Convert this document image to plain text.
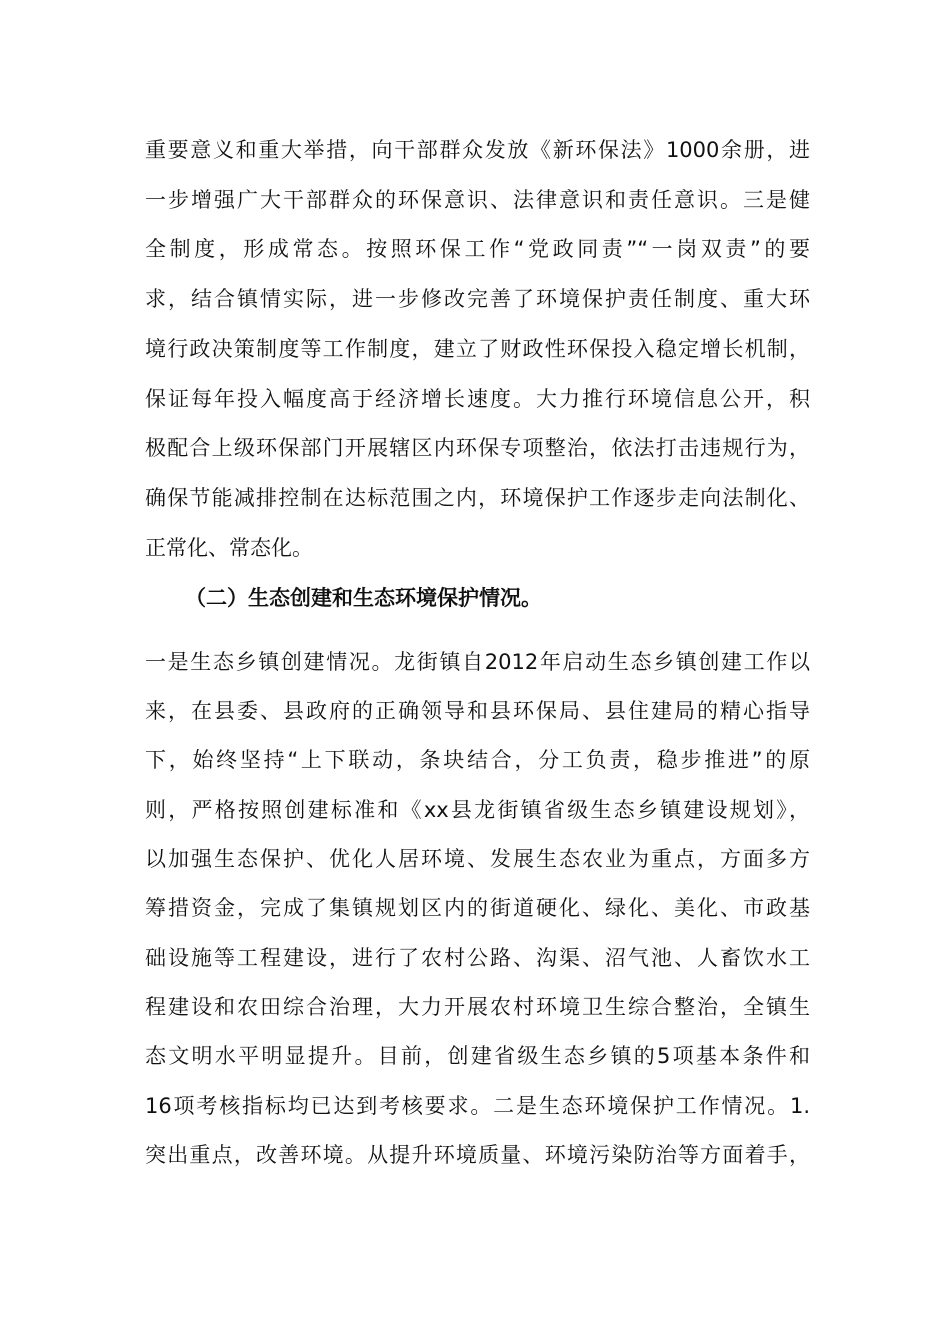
重要意义和重大举措，向干部群众发放《新环保法》1000余册，进
一步增强广大干部群众的环保意识、法律意识和责任意识。三是健
全制度，形成常态。按照环保工作“党政同责”“一岗双责”的要
求，结合镇情实际，进一步修改完善了环境保护责任制度、重大环
境行政决策制度等工作制度，建立了财政性环保投入稳定增长机制，
保证每年投入幅度高于经济增长速度。大力推行环境信息公开，积
极配合上级环保部门开展辖区内环保专项整治，依法打击违规行为，
确保节能减排控制在达标范围之内，环境保护工作逐步走向法制化、
正常化、常态化。
（二）生态创建和生态环境保护情况。
一是生态乡镇创建情况。龙街镇自2012年启动生态乡镇创建工作以
来，在县委、县政府的正确领导和县环保局、县住建局的精心指导
下，始终坚持“上下联动，条块结合，分工负责，稳步推进”的原
则，严格按照创建标准和《xx县龙街镇省级生态乡镇建设规划》，
以加强生态保护、优化人居环境、发展生态农业为重点，方面多方
筹措资金，完成了集镇规划区内的街道硬化、绿化、美化、市政基
础设施等工程建设，进行了农村公路、沟渠、沼气池、人畜饮水工
程建设和农田综合治理，大力开展农村环境卫生综合整治，全镇生
态文明水平明显提升。目前，创建省级生态乡镇的5项基本条件和
16项考核指标均已达到考核要求。二是生态环境保护工作情况。1.
突出重点，改善环境。从提升环境质量、环境污染防治等方面着手，
